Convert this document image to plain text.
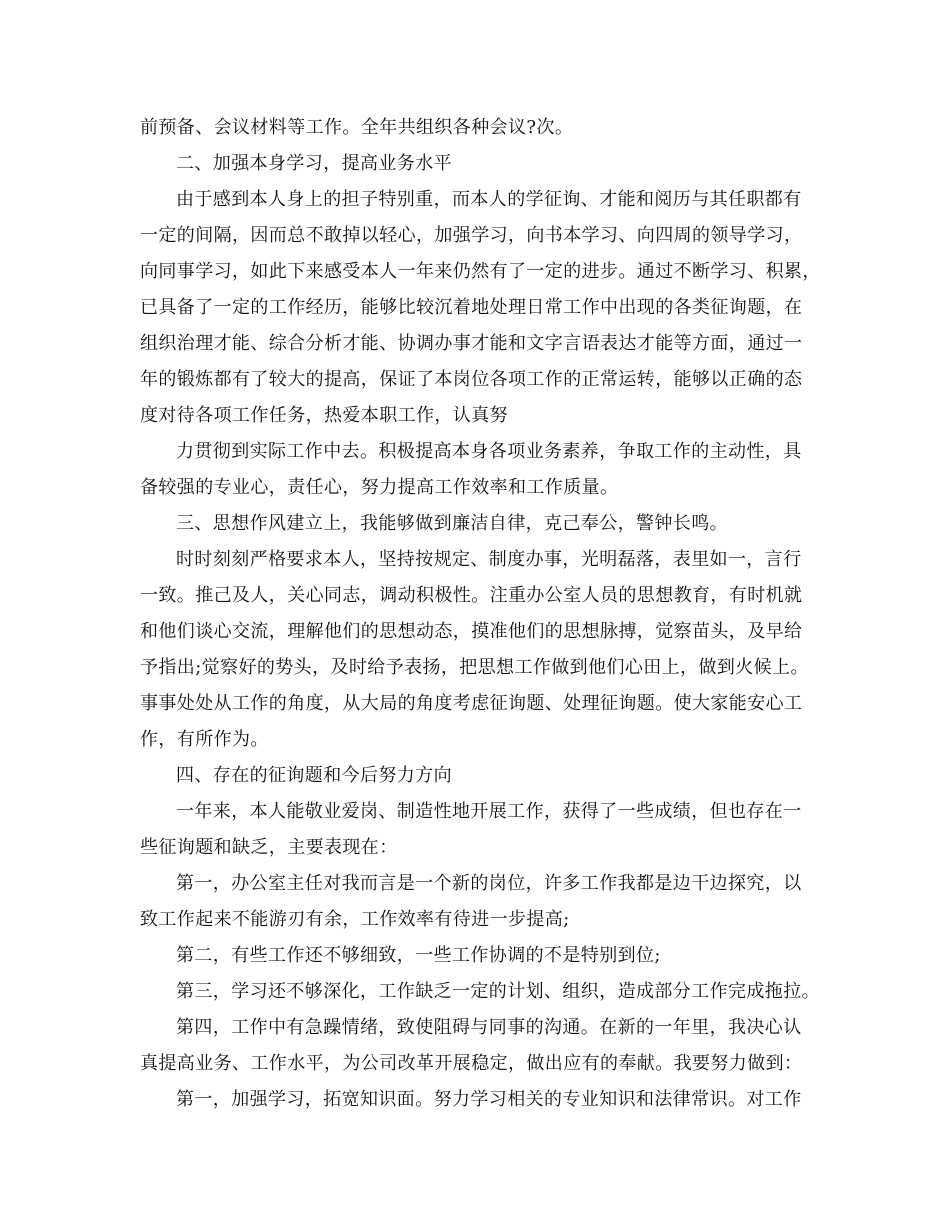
前预备、会议材料等工作。全年共组织各种会议?次。
二、加强本身学习，提高业务水平
由于感到本人身上的担子特别重，而本人的学征询、才能和阅历与其任职都有
一定的间隔，因而总不敢掉以轻心，加强学习，向书本学习、向四周的领导学习，
向同事学习，如此下来感受本人一年来仍然有了一定的进步。通过不断学习、积累，
已具备了一定的工作经历，能够比较沉着地处理日常工作中出现的各类征询题，在
组织治理才能、综合分析才能、协调办事才能和文字言语表达才能等方面，通过一
年的锻炼都有了较大的提高，保证了本岗位各项工作的正常运转，能够以正确的态
度对待各项工作任务，热爱本职工作，认真努
力贯彻到实际工作中去。积极提高本身各项业务素养，争取工作的主动性，具
备较强的专业心，责任心，努力提高工作效率和工作质量。
三、思想作风建立上，我能够做到廉洁自律，克己奉公，警钟长鸣。
时时刻刻严格要求本人，坚持按规定、制度办事，光明磊落，表里如一，言行
一致。推己及人，关心同志，调动积极性。注重办公室人员的思想教育，有时机就
和他们谈心交流，理解他们的思想动态，摸准他们的思想脉搏，觉察苗头，及早给
予指出;觉察好的势头，及时给予表扬，把思想工作做到他们心田上，做到火候上。
事事处处从工作的角度，从大局的角度考虑征询题、处理征询题。使大家能安心工
作，有所作为。
四、存在的征询题和今后努力方向
一年来，本人能敬业爱岗、制造性地开展工作，获得了一些成绩，但也存在一
些征询题和缺乏，主要表现在：
第一，办公室主任对我而言是一个新的岗位，许多工作我都是边干边探究，以
致工作起来不能游刃有余，工作效率有待进一步提高;
第二，有些工作还不够细致，一些工作协调的不是特别到位;
第三，学习还不够深化，工作缺乏一定的计划、组织，造成部分工作完成拖拉。
第四，工作中有急躁情绪，致使阻碍与同事的沟通。在新的一年里，我决心认
真提高业务、工作水平，为公司改革开展稳定，做出应有的奉献。我要努力做到：
第一，加强学习，拓宽知识面。努力学习相关的专业知识和法律常识。对工作
